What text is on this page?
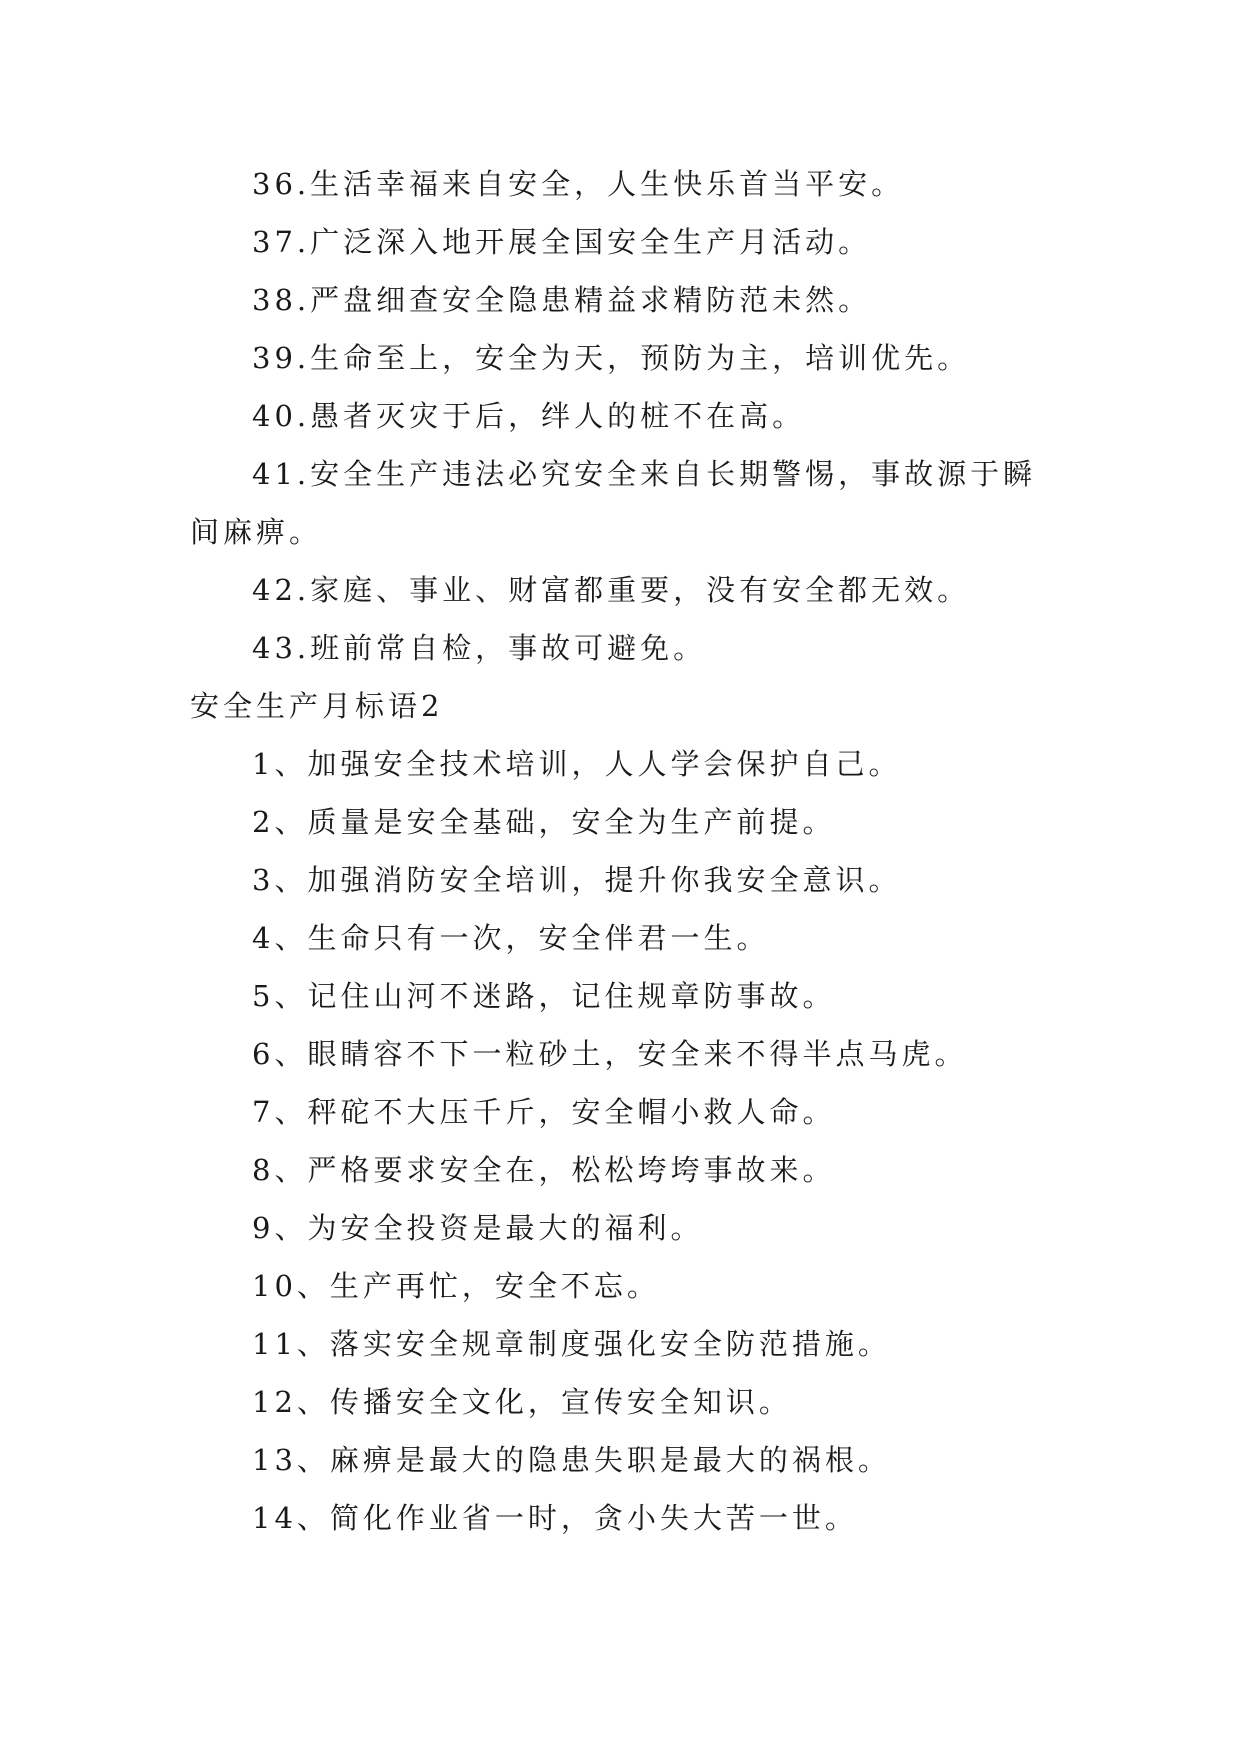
36.生活幸福来自安全，人生快乐首当平安。

37.广泛深入地开展全国安全生产月活动。

38.严盘细查安全隐患精益求精防范未然。

39.生命至上，安全为天，预防为主，培训优先。

40.愚者灭灾于后，绊人的桩不在高。

41.安全生产违法必究安全来自长期警惕，事故源于瞬间麻痹。

42.家庭、事业、财富都重要，没有安全都无效。

43.班前常自检，事故可避免。

安全生产月标语2

1、加强安全技术培训，人人学会保护自己。

2、质量是安全基础，安全为生产前提。

3、加强消防安全培训，提升你我安全意识。

4、生命只有一次，安全伴君一生。

5、记住山河不迷路，记住规章防事故。

6、眼睛容不下一粒砂土，安全来不得半点马虎。

7、秤砣不大压千斤，安全帽小救人命。

8、严格要求安全在，松松垮垮事故来。

9、为安全投资是最大的福利。

10、生产再忙，安全不忘。

11、落实安全规章制度强化安全防范措施。

12、传播安全文化，宣传安全知识。

13、麻痹是最大的隐患失职是最大的祸根。

14、简化作业省一时，贪小失大苦一世。
